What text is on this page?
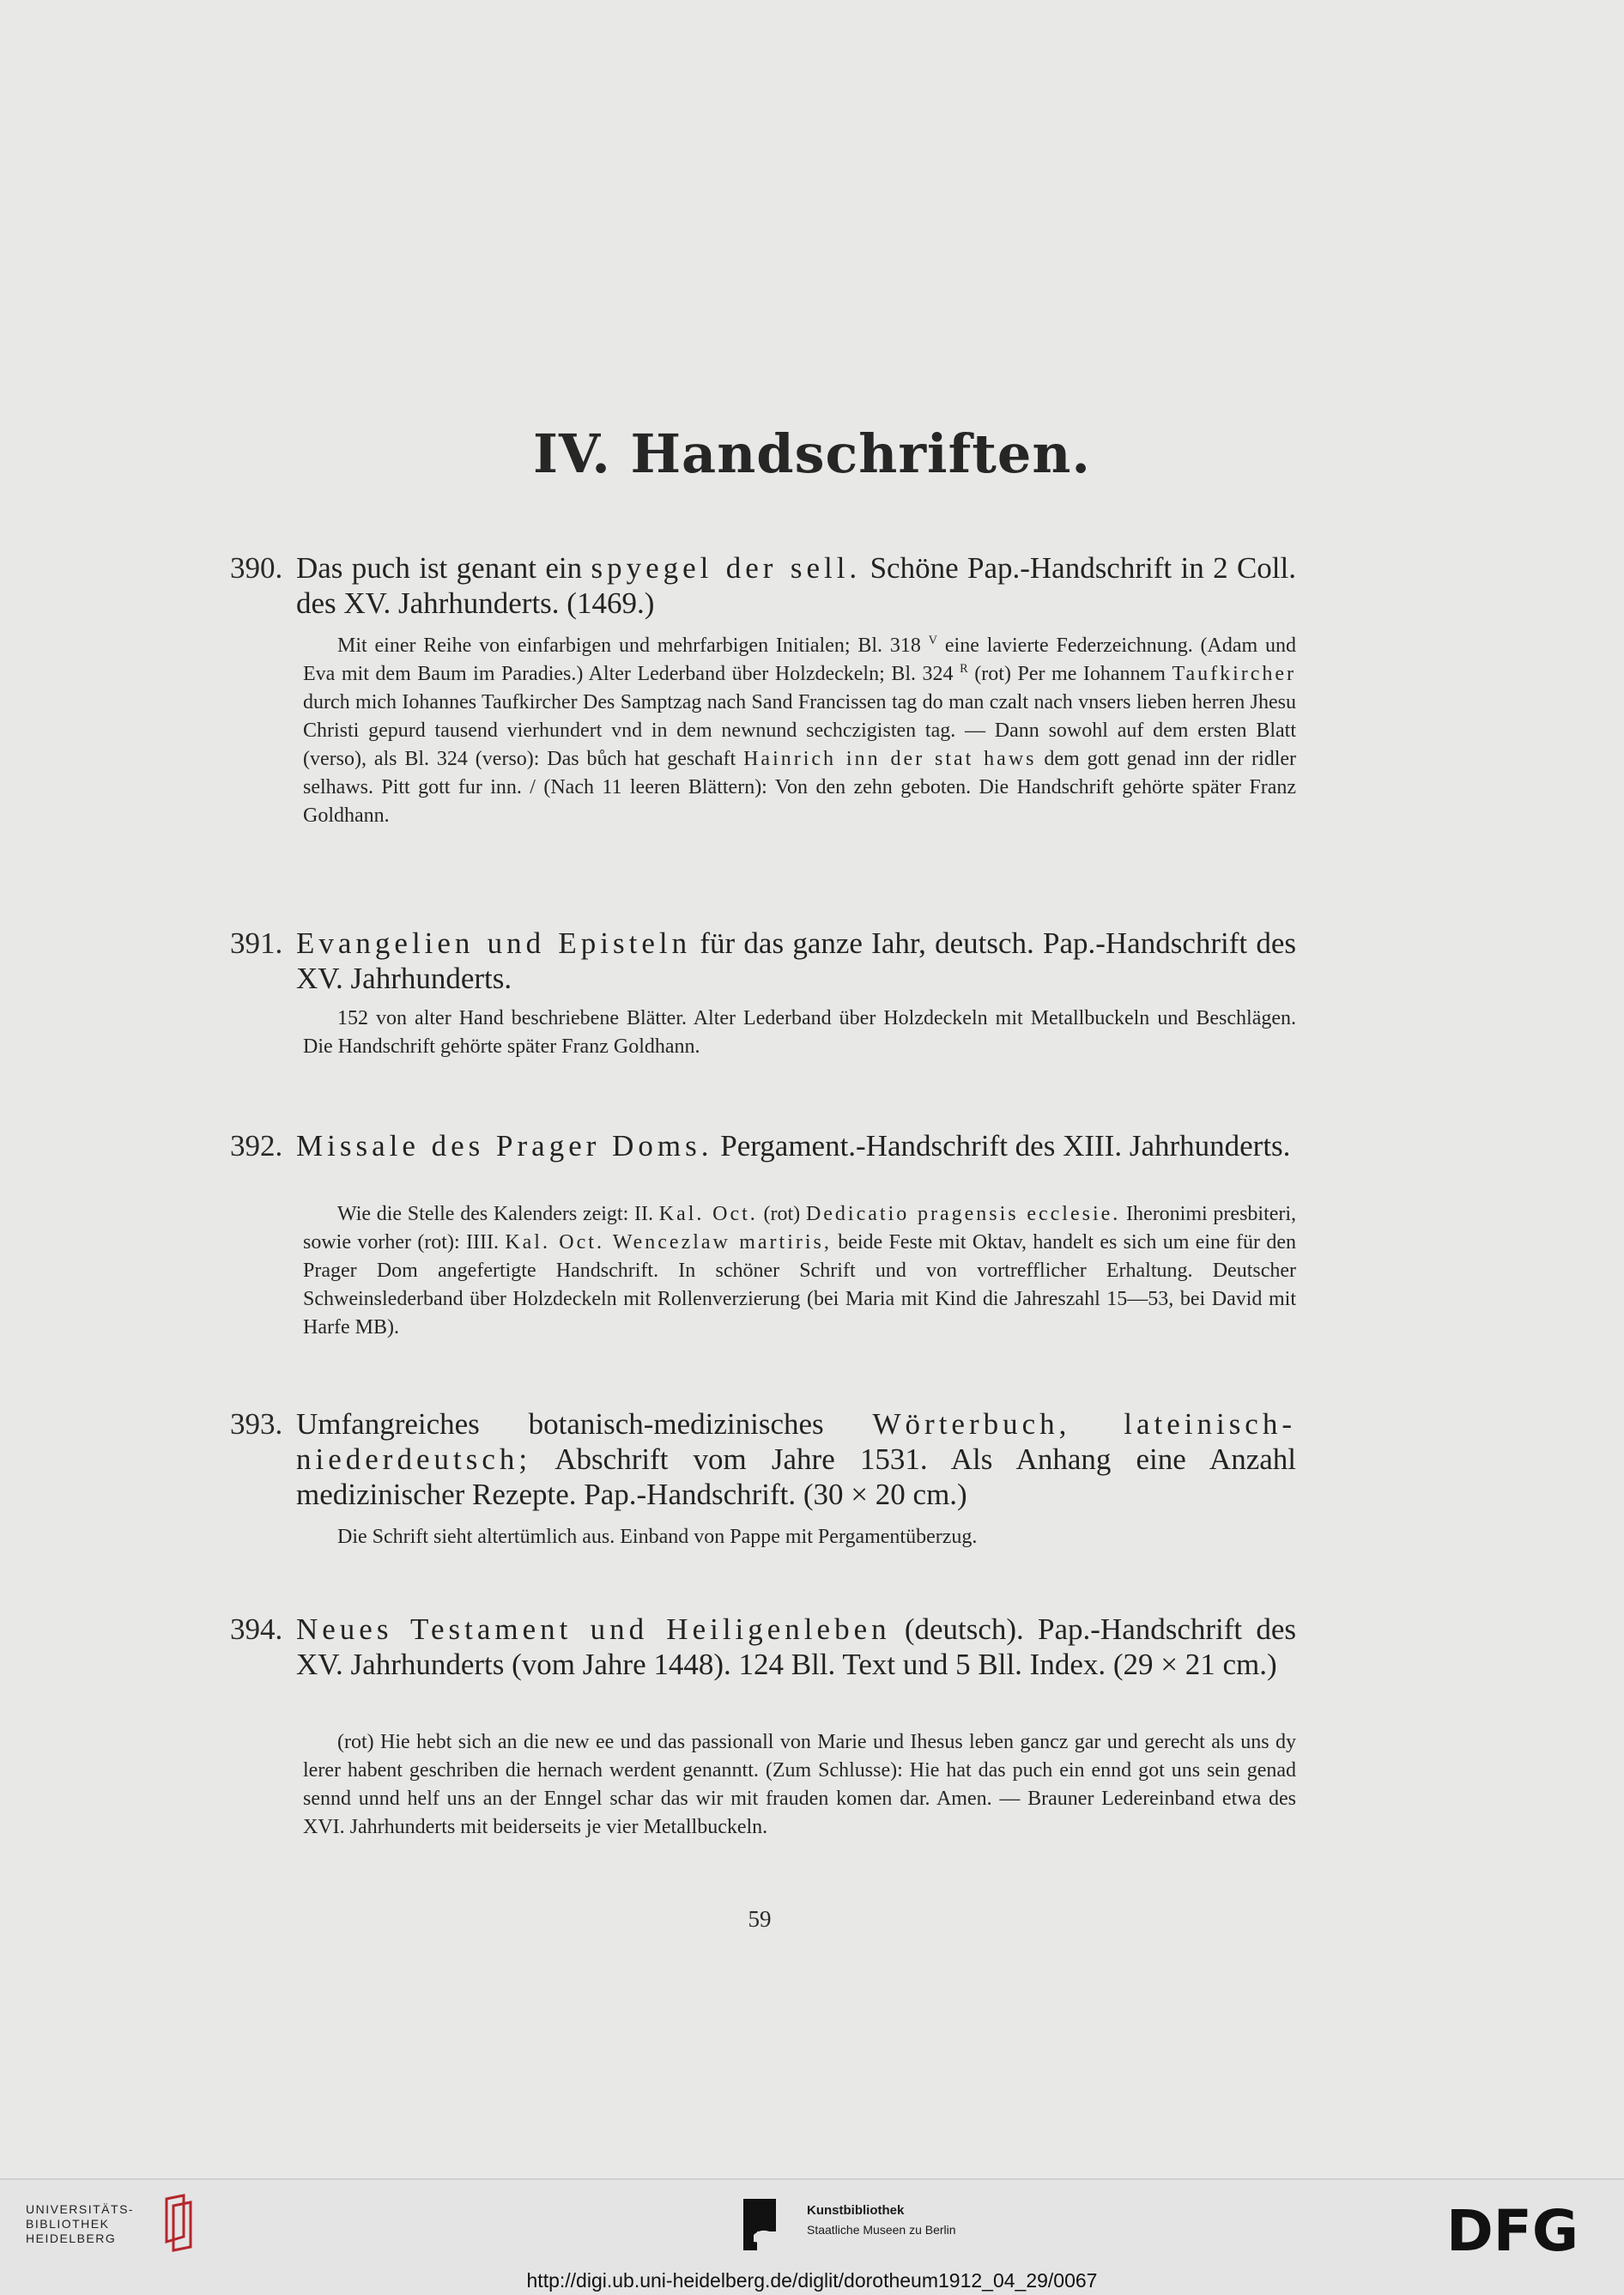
IV. Handschriften.
390. Das puch ist genant ein spyegel der sell. Schöne Pap.-Handschrift in 2 Coll. des XV. Jahrhunderts. (1469.)

Mit einer Reihe von einfarbigen und mehrfarbigen Initialen; Bl. 318 $^V$ eine lavierte Federzeichnung. (Adam und Eva mit dem Baum im Paradies.) Alter Lederband über Holzdeckeln; Bl. 324 $^R$ (rot) Per me Iohannem Taufkircher durch mich Iohannes Taufkircher Des Samptzag nach Sand Francissen tag do man czalt nach vnsers lieben herren Jhesu Christi gepurd tausend vierhundert vnd in dem newnund sechczigisten tag. — Dann sowohl auf dem ersten Blatt (verso), als Bl. 324 (verso): Das bůch hat geschaft Hainrich inn der stat haws dem gott genad inn der ridler selhaws. Pitt gott fur inn. / (Nach 11 leeren Blättern): Von den zehn geboten. Die Handschrift gehörte später Franz Goldhann.

391. Evangelien und Episteln für das ganze Iahr, deutsch. Pap.-Handschrift des XV. Jahrhunderts.

152 von alter Hand beschriebene Blätter. Alter Lederband über Holzdeckeln mit Metallbuckeln und Beschlägen. Die Handschrift gehörte später Franz Goldhann.

392. Missale des Prager Doms. Pergament.-Handschrift des XIII. Jahrhunderts.

Wie die Stelle des Kalenders zeigt: II. Kal. Oct. (rot) Dedicatio pragensis ecclesie. Iheronimi presbiteri, sowie vorher (rot): IIII. Kal. Oct. Wencezlaw martiris, beide Feste mit Oktav, handelt es sich um eine für den Prager Dom angefertigte Handschrift. In schöner Schrift und von vortrefflicher Erhaltung. Deutscher Schweinslederband über Holzdeckeln mit Rollenverzierung (bei Maria mit Kind die Jahreszahl 15—53, bei David mit Harfe MB).

393. Umfangreiches botanisch-medizinisches Wörterbuch, lateinisch-niederdeutsch; Abschrift vom Jahre 1531. Als Anhang eine Anzahl medizinischer Rezepte. Pap.-Handschrift. (30 × 20 cm.)

Die Schrift sieht altertümlich aus. Einband von Pappe mit Pergamentüberzug.

394. Neues Testament und Heiligenleben (deutsch). Pap.-Handschrift des XV. Jahrhunderts (vom Jahre 1448). 124 Bll. Text und 5 Bll. Index. (29 × 21 cm.)

(rot) Hie hebt sich an die new ee und das passionall von Marie und Ihesus leben gancz gar und gerecht als uns dy lerer habent geschriben die hernach werdent genanntt. (Zum Schlusse): Hie hat das puch ein ennd got uns sein genad sennd unnd helf uns an der Enngel schar das wir mit frauden komen dar. Amen. — Brauner Ledereinband etwa des XVI. Jahrhunderts mit beiderseits je vier Metallbuckeln.

59
UNIVERSITÄTS-
BIBLIOTHEK
HEIDELBERG
Kunstbibliothek
Staatliche Museen zu Berlin	DFG
http://digi.ub.uni-heidelberg.de/diglit/dorotheum1912_04_29/0067
